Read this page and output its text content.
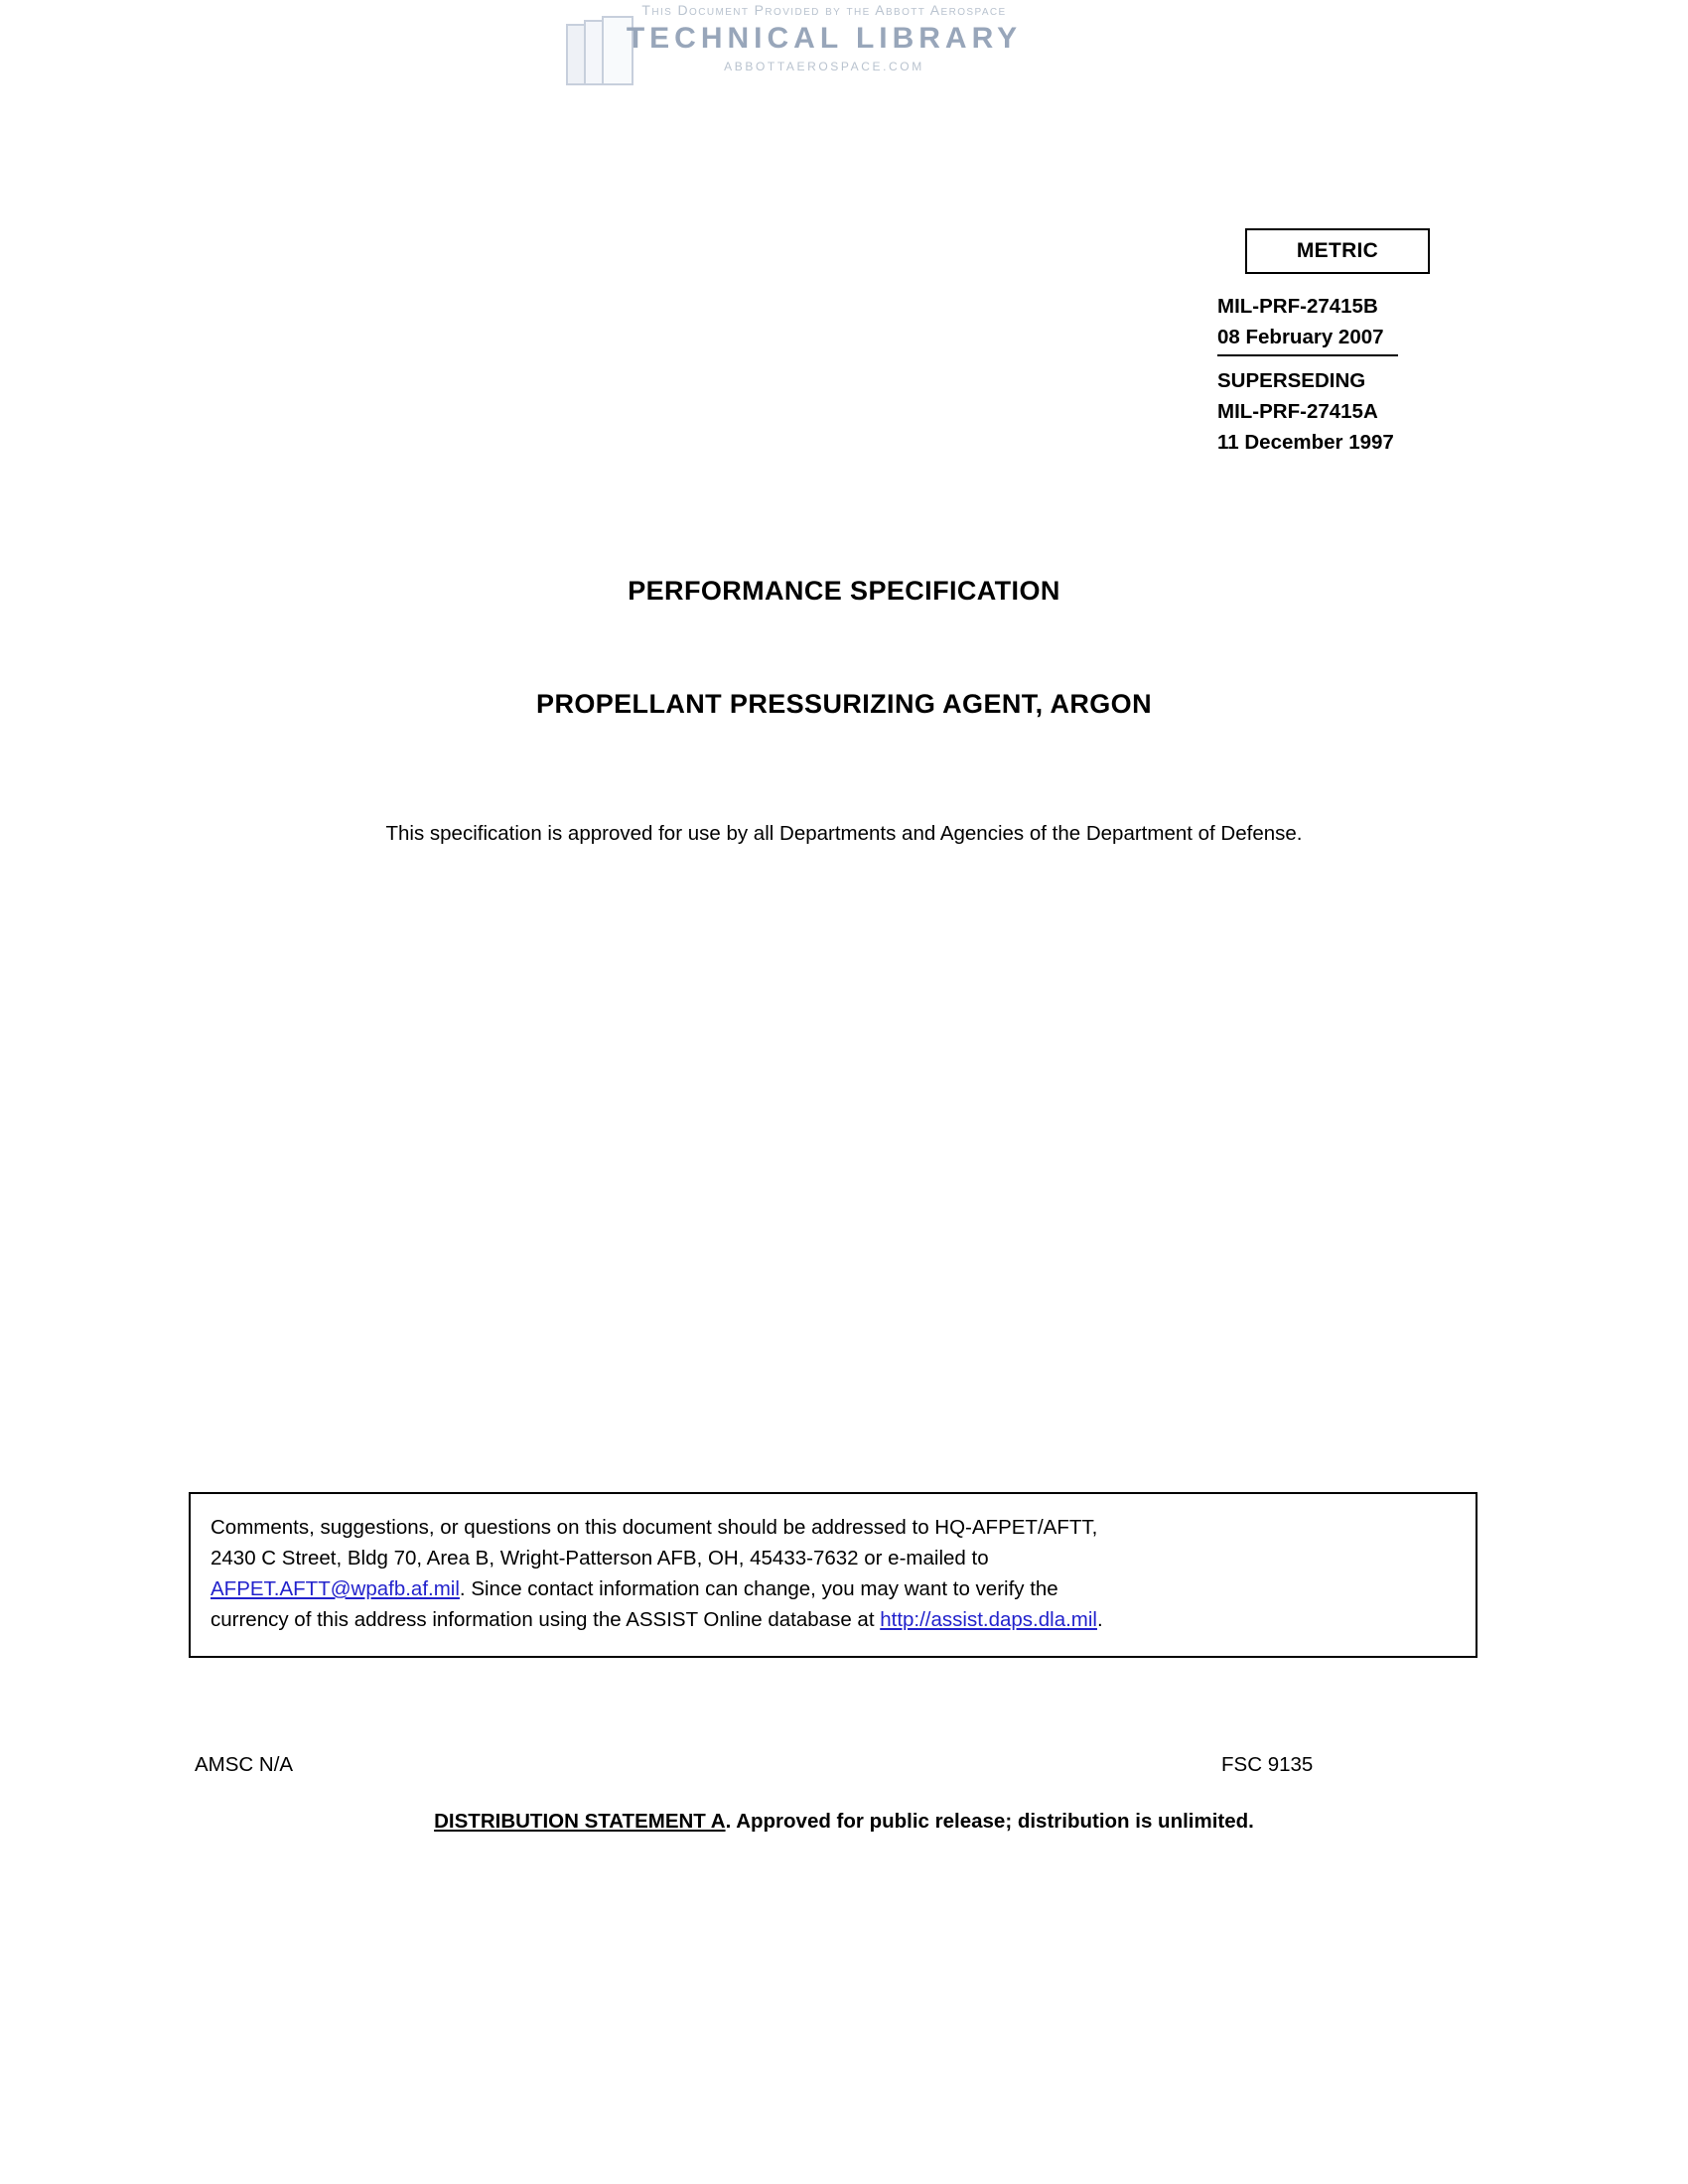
This Document Provided by the Abbott Aerospace
TECHNICAL LIBRARY
ABBOTTAEROSPACE.COM
METRIC
MIL-PRF-27415B
08 February 2007
SUPERSEDING
MIL-PRF-27415A
11 December 1997
PERFORMANCE SPECIFICATION
PROPELLANT PRESSURIZING AGENT, ARGON
This specification is approved for use by all Departments and Agencies of the Department of Defense.
Comments, suggestions, or questions on this document should be addressed to HQ-AFPET/AFTT,
2430 C Street, Bldg 70, Area B, Wright-Patterson AFB, OH, 45433-7632 or e-mailed to
AFPET.AFTT@wpafb.af.mil. Since contact information can change, you may want to verify the
currency of this address information using the ASSIST Online database at http://assist.daps.dla.mil.
AMSC N/A	FSC 9135
DISTRIBUTION STATEMENT A. Approved for public release; distribution is unlimited.
